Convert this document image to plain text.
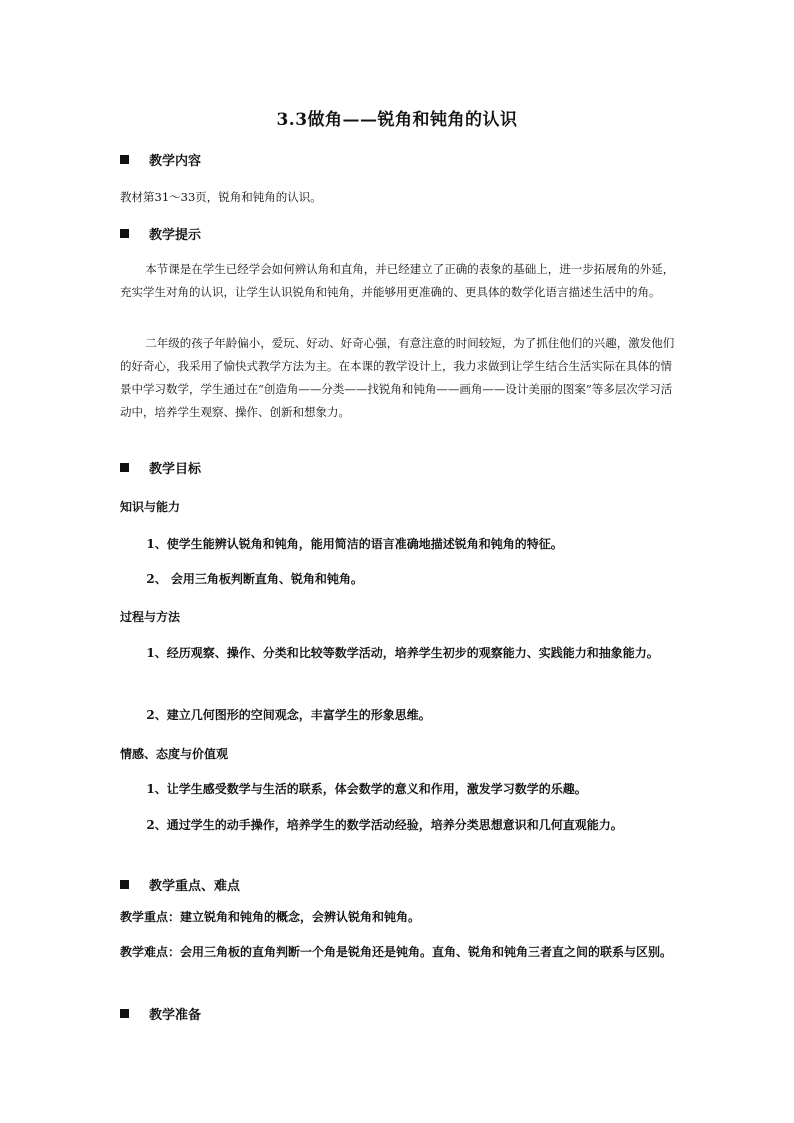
3.3做角——锐角和钝角的认识
教学内容
教材第31～33页，锐角和钝角的认识。
教学提示
本节课是在学生已经学会如何辨认角和直角，并已经建立了正确的表象的基础上，进一步拓展角的外延，充实学生对角的认识，让学生认识锐角和钝角，并能够用更准确的、更具体的数学化语言描述生活中的角。
二年级的孩子年龄偏小，爱玩、好动、好奇心强，有意注意的时间较短，为了抓住他们的兴趣，激发他们的好奇心，我采用了愉快式教学方法为主。在本课的教学设计上，我力求做到让学生结合生活实际在具体的情景中学习数学，学生通过在“创造角——分类——找锐角和钝角——画角——设计美丽的图案”等多层次学习活动中，培养学生观察、操作、创新和想象力。
教学目标
知识与能力
1、使学生能辨认锐角和钝角，能用简洁的语言准确地描述锐角和钝角的特征。
2、 会用三角板判断直角、锐角和钝角。
过程与方法
1、经历观察、操作、分类和比较等数学活动，培养学生初步的观察能力、实践能力和抽象能力。
2、建立几何图形的空间观念，丰富学生的形象思维。
情感、态度与价值观
1、让学生感受数学与生活的联系，体会数学的意义和作用，激发学习数学的乐趣。
2、通过学生的动手操作，培养学生的数学活动经验，培养分类思想意识和几何直观能力。
教学重点、难点
教学重点：建立锐角和钝角的概念，会辨认锐角和钝角。
教学难点：会用三角板的直角判断一个角是锐角还是钝角。直角、锐角和钝角三者直之间的联系与区别。
教学准备
